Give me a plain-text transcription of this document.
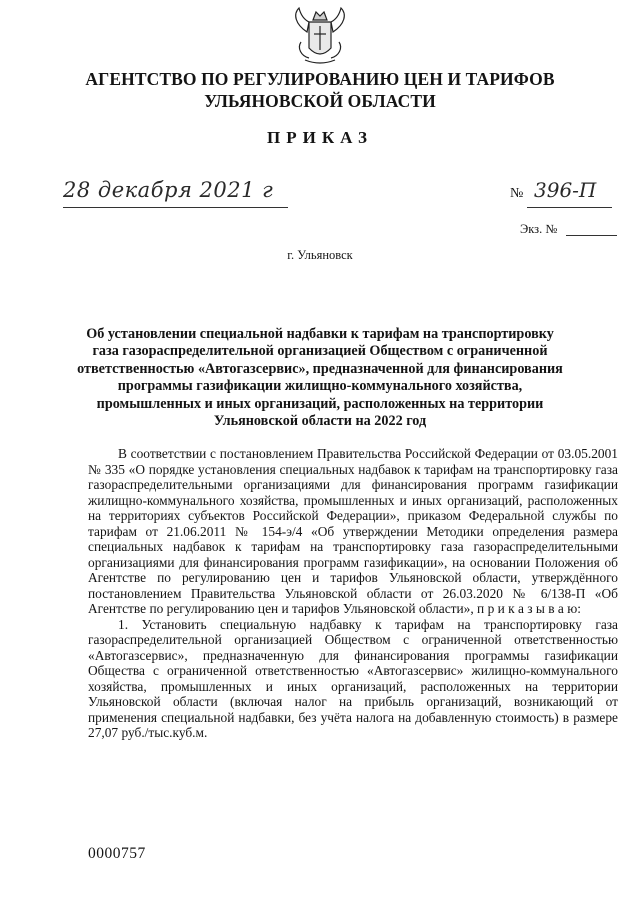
АГЕНТСТВО ПО РЕГУЛИРОВАНИЮ ЦЕН И ТАРИФОВ
УЛЬЯНОВСКОЙ ОБЛАСТИ
ПРИКАЗ
28 декабря 2021 г	№ 396-П
Экз. №
г. Ульяновск
Об установлении специальной надбавки к тарифам на транспортировку газа газораспределительной организацией Обществом с ограниченной ответственностью «Автогазсервис», предназначенной для финансирования программы газификации жилищно-коммунального хозяйства, промышленных и иных организаций, расположенных на территории Ульяновской области на 2022 год

В соответствии с постановлением Правительства Российской Федерации от 03.05.2001 № 335 «О порядке установления специальных надбавок к тарифам на транспортировку газа газораспределительными организациями для финансирования программ газификации жилищно-коммунального хозяйства, промышленных и иных организаций, расположенных на территориях субъектов Российской Федерации», приказом Федеральной службы по тарифам от 21.06.2011 № 154-э/4 «Об утверждении Методики определения размера специальных надбавок к тарифам на транспортировку газа газораспределительными организациями для финансирования программ газификации», на основании Положения об Агентстве по регулированию цен и тарифов Ульяновской области, утверждённого постановлением Правительства Ульяновской области от 26.03.2020 № 6/138-П «Об Агентстве по регулированию цен и тарифов Ульяновской области», п р и к а з ы в а ю:

1. Установить специальную надбавку к тарифам на транспортировку газа газораспределительной организацией Обществом с ограниченной ответственностью «Автогазсервис», предназначенную для финансирования программы газификации Общества с ограниченной ответственностью «Автогазсервис» жилищно-коммунального хозяйства, промышленных и иных организаций, расположенных на территории Ульяновской области (включая налог на прибыль организаций, возникающий от применения специальной надбавки, без учёта налога на добавленную стоимость) в размере 27,07 руб./тыс.куб.м.

0000757
